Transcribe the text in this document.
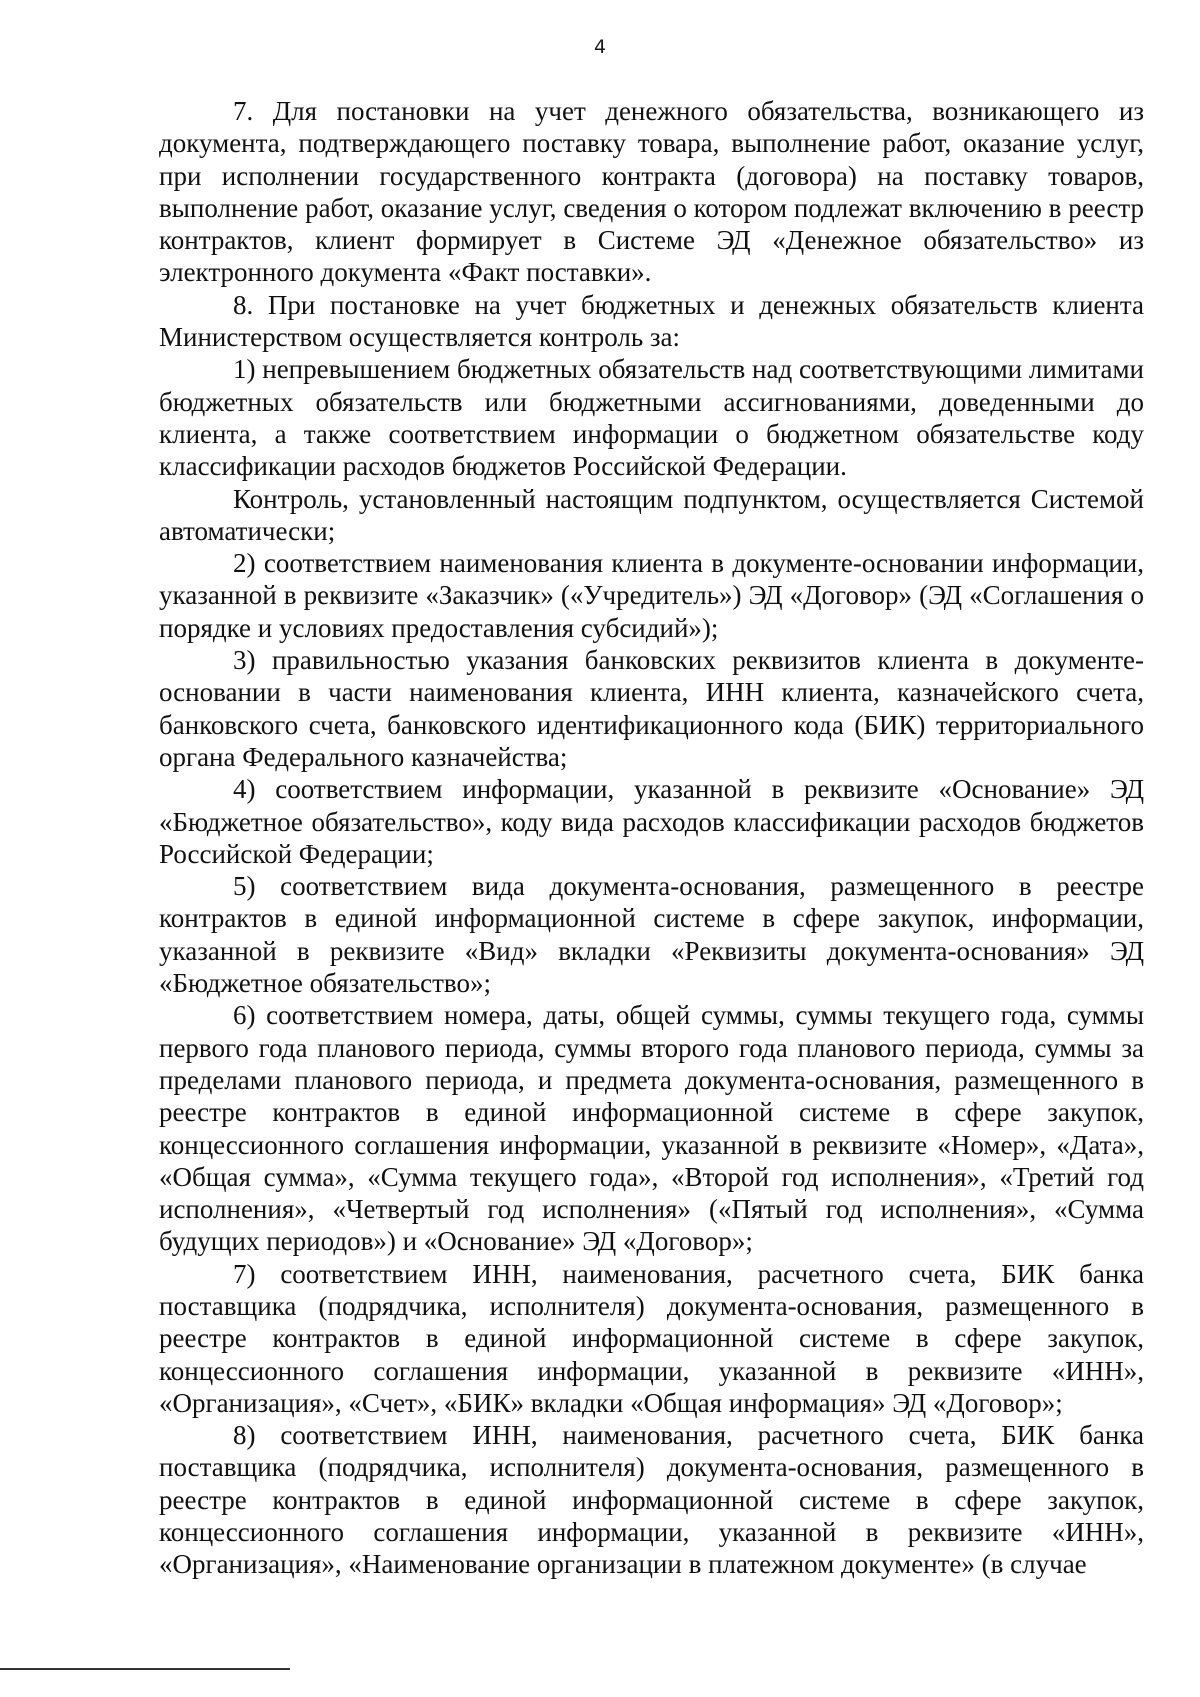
4

7. Для постановки на учет денежного обязательства, возникающего из документа, подтверждающего поставку товара, выполнение работ, оказание услуг, при исполнении государственного контракта (договора) на поставку товаров, выполнение работ, оказание услуг, сведения о котором подлежат включению в реестр контрактов, клиент формирует в Системе ЭД «Денежное обязательство» из электронного документа «Факт поставки».

8. При постановке на учет бюджетных и денежных обязательств клиента Министерством осуществляется контроль за:

1) непревышением бюджетных обязательств над соответствующими лимитами бюджетных обязательств или бюджетными ассигнованиями, доведенными до клиента, а также соответствием информации о бюджетном обязательстве коду классификации расходов бюджетов Российской Федерации.

Контроль, установленный настоящим подпунктом, осуществляется Системой автоматически;

2) соответствием наименования клиента в документе-основании информации, указанной в реквизите «Заказчик» («Учредитель») ЭД «Договор» (ЭД «Соглашения о порядке и условиях предоставления субсидий»);

3) правильностью указания банковских реквизитов клиента в документе-основании в части наименования клиента, ИНН клиента, казначейского счета, банковского счета, банковского идентификационного кода (БИК) территориального органа Федерального казначейства;

4) соответствием информации, указанной в реквизите «Основание» ЭД «Бюджетное обязательство», коду вида расходов классификации расходов бюджетов Российской Федерации;

5) соответствием вида документа-основания, размещенного в реестре контрактов в единой информационной системе в сфере закупок, информации, указанной в реквизите «Вид» вкладки «Реквизиты документа-основания» ЭД «Бюджетное обязательство»;

6) соответствием номера, даты, общей суммы, суммы текущего года, суммы первого года планового периода, суммы второго года планового периода, суммы за пределами планового периода, и предмета документа-основания, размещенного в реестре контрактов в единой информационной системе в сфере закупок, концессионного соглашения информации, указанной в реквизите «Номер», «Дата», «Общая сумма», «Сумма текущего года», «Второй год исполнения», «Третий год исполнения», «Четвертый год исполнения» («Пятый год исполнения», «Сумма будущих периодов») и «Основание» ЭД «Договор»;

7) соответствием ИНН, наименования, расчетного счета, БИК банка поставщика (подрядчика, исполнителя) документа-основания, размещенного в реестре контрактов в единой информационной системе в сфере закупок, концессионного соглашения информации, указанной в реквизите «ИНН», «Организация», «Счет», «БИК» вкладки «Общая информация» ЭД «Договор»;

8) соответствием ИНН, наименования, расчетного счета, БИК банка поставщика (подрядчика, исполнителя) документа-основания, размещенного в реестре контрактов в единой информационной системе в сфере закупок, концессионного соглашения информации, указанной в реквизите «ИНН», «Организация», «Наименование организации в платежном документе» (в случае
